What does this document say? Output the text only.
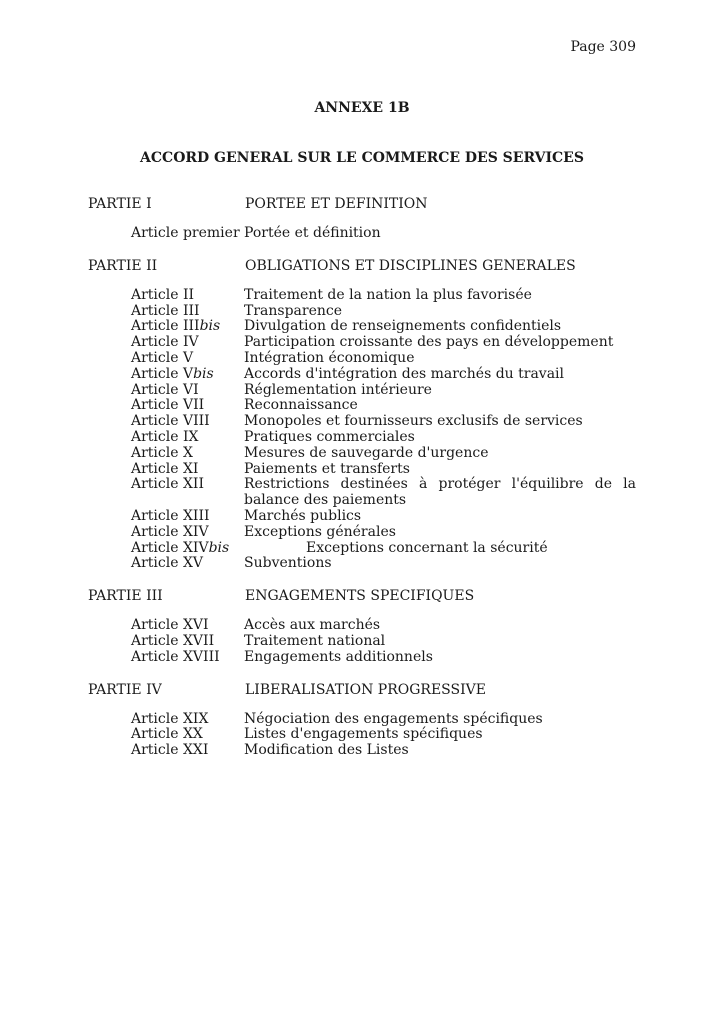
Page 309
ANNEXE 1B
ACCORD GENERAL SUR LE COMMERCE DES SERVICES
PARTIE I	PORTEE ET DEFINITION
Article premier Portée et définition
PARTIE II	OBLIGATIONS ET DISCIPLINES GENERALES
Article II	Traitement de la nation la plus favorisée
Article III	Transparence
Article IIIbis	Divulgation de renseignements confidentiels
Article IV	Participation croissante des pays en développement
Article V	Intégration économique
Article Vbis	Accords d'intégration des marchés du travail
Article VI	Réglementation intérieure
Article VII	Reconnaissance
Article VIII	Monopoles et fournisseurs exclusifs de services
Article IX	Pratiques commerciales
Article X	Mesures de sauvegarde d'urgence
Article XI	Paiements et transferts
Article XII	Restrictions destinées à protéger l'équilibre de la balance des paiements
Article XIII	Marchés publics
Article XIV	Exceptions générales
Article XIVbis	Exceptions concernant la sécurité
Article XV	Subventions
PARTIE III	ENGAGEMENTS SPECIFIQUES
Article XVI	Accès aux marchés
Article XVII	Traitement national
Article XVIII	Engagements additionnels
PARTIE IV	LIBERALISATION PROGRESSIVE
Article XIX	Négociation des engagements spécifiques
Article XX	Listes d'engagements spécifiques
Article XXI	Modification des Listes
